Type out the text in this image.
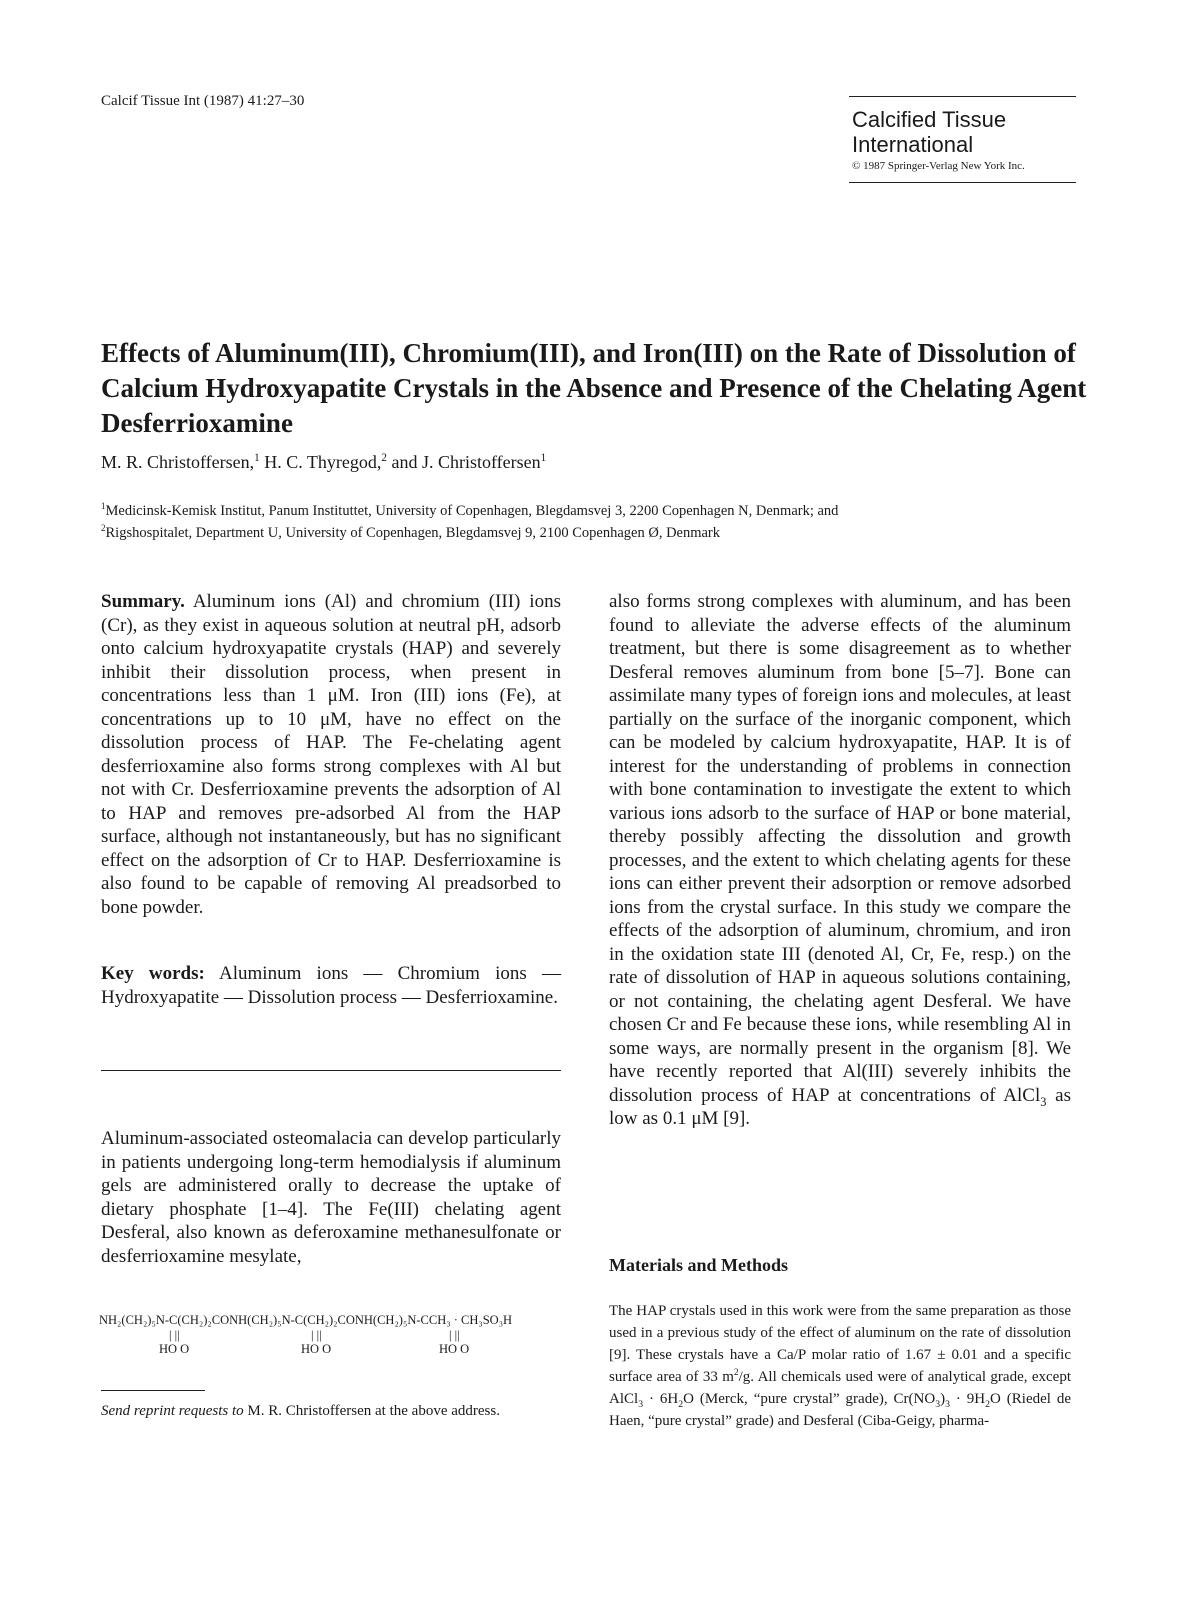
Calcif Tissue Int (1987) 41:27–30
Calcified Tissue
International
© 1987 Springer-Verlag New York Inc.
Effects of Aluminum(III), Chromium(III), and Iron(III) on the Rate of Dissolution of Calcium Hydroxyapatite Crystals in the Absence and Presence of the Chelating Agent Desferrioxamine
M. R. Christoffersen,$^1$ H. C. Thyregod,$^2$ and J. Christoffersen$^1$
$^1$Medicinsk-Kemisk Institut, Panum Instituttet, University of Copenhagen, Blegdamsvej 3, 2200 Copenhagen N, Denmark; and
$^2$Rigshospitalet, Department U, University of Copenhagen, Blegdamsvej 9, 2100 Copenhagen Ø, Denmark
Summary. Aluminum ions (Al) and chromium (III) ions (Cr), as they exist in aqueous solution at neutral pH, adsorb onto calcium hydroxyapatite crystals (HAP) and severely inhibit their dissolution process, when present in concentrations less than 1 μM. Iron (III) ions (Fe), at concentrations up to 10 μM, have no effect on the dissolution process of HAP. The Fe-chelating agent desferrioxamine also forms strong complexes with Al but not with Cr. Desferrioxamine prevents the adsorption of Al to HAP and removes pre-adsorbed Al from the HAP surface, although not instantaneously, but has no significant effect on the adsorption of Cr to HAP. Desferrioxamine is also found to be capable of removing Al preadsorbed to bone powder.
Key words: Aluminum ions — Chromium ions — Hydroxyapatite — Dissolution process — Desferrioxamine.
Aluminum-associated osteomalacia can develop particularly in patients undergoing long-term hemodialysis if aluminum gels are administered orally to decrease the uptake of dietary phosphate [1–4]. The Fe(III) chelating agent Desferal, also known as deferoxamine methanesulfonate or desferrioxamine mesylate,
NH₂(CH₂)₅N-C(CH₂)₂CONH(CH₂)₅N-C(CH₂)₂CONH(CH₂)₅N-CCH₃ · CH₃SO₃H
| ||
HO O
| ||
HO O
| ||
HO O
Send reprint requests to M. R. Christoffersen at the above address.
also forms strong complexes with aluminum, and has been found to alleviate the adverse effects of the aluminum treatment, but there is some disagreement as to whether Desferal removes aluminum from bone [5–7]. Bone can assimilate many types of foreign ions and molecules, at least partially on the surface of the inorganic component, which can be modeled by calcium hydroxyapatite, HAP. It is of interest for the understanding of problems in connection with bone contamination to investigate the extent to which various ions adsorb to the surface of HAP or bone material, thereby possibly affecting the dissolution and growth processes, and the extent to which chelating agents for these ions can either prevent their adsorption or remove adsorbed ions from the crystal surface. In this study we compare the effects of the adsorption of aluminum, chromium, and iron in the oxidation state III (denoted Al, Cr, Fe, resp.) on the rate of dissolution of HAP in aqueous solutions containing, or not containing, the chelating agent Desferal. We have chosen Cr and Fe because these ions, while resembling Al in some ways, are normally present in the organism [8]. We have recently reported that Al(III) severely inhibits the dissolution process of HAP at concentrations of AlCl$_3$ as low as 0.1 μM [9].
Materials and Methods
The HAP crystals used in this work were from the same preparation as those used in a previous study of the effect of aluminum on the rate of dissolution [9]. These crystals have a Ca/P molar ratio of 1.67 ± 0.01 and a specific surface area of 33 $m^2/g$. All chemicals used were of analytical grade, except AlCl$_3$ · $6H_2O$ (Merck, “pure crystal” grade), $Cr(NO_3)_3 \cdot 9H_2O$ (Riedel de Haen, “pure crystal” grade) and Desferal (Ciba-Geigy, pharma-
